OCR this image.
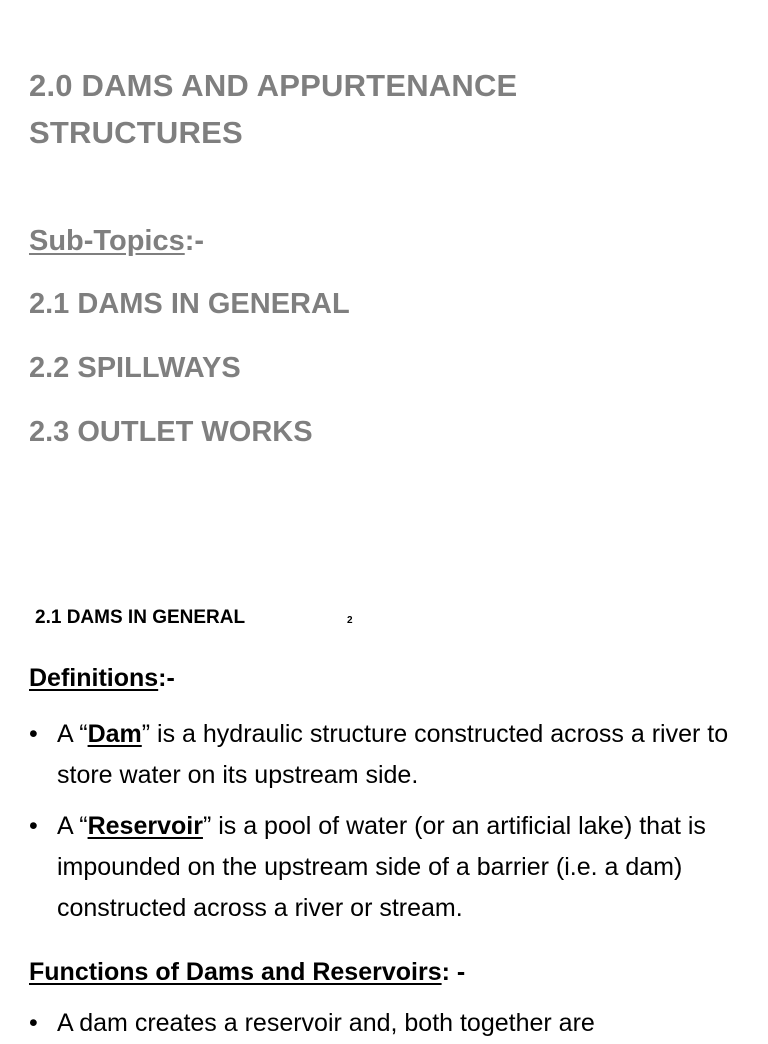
2.0 DAMS AND APPURTENANCE STRUCTURES
Sub-Topics:-
2.1 DAMS IN GENERAL
2.2 SPILLWAYS
2.3 OUTLET WORKS
2.1 DAMS IN GENERAL	2
Definitions:-
• A “Dam” is a hydraulic structure constructed across a river to store water on its upstream side.
• A “Reservoir” is a pool of water (or an artificial lake) that is impounded on the upstream side of a barrier (i.e. a dam) constructed across a river or stream.
Functions of Dams and Reservoirs: -
• A dam creates a reservoir and, both together are
